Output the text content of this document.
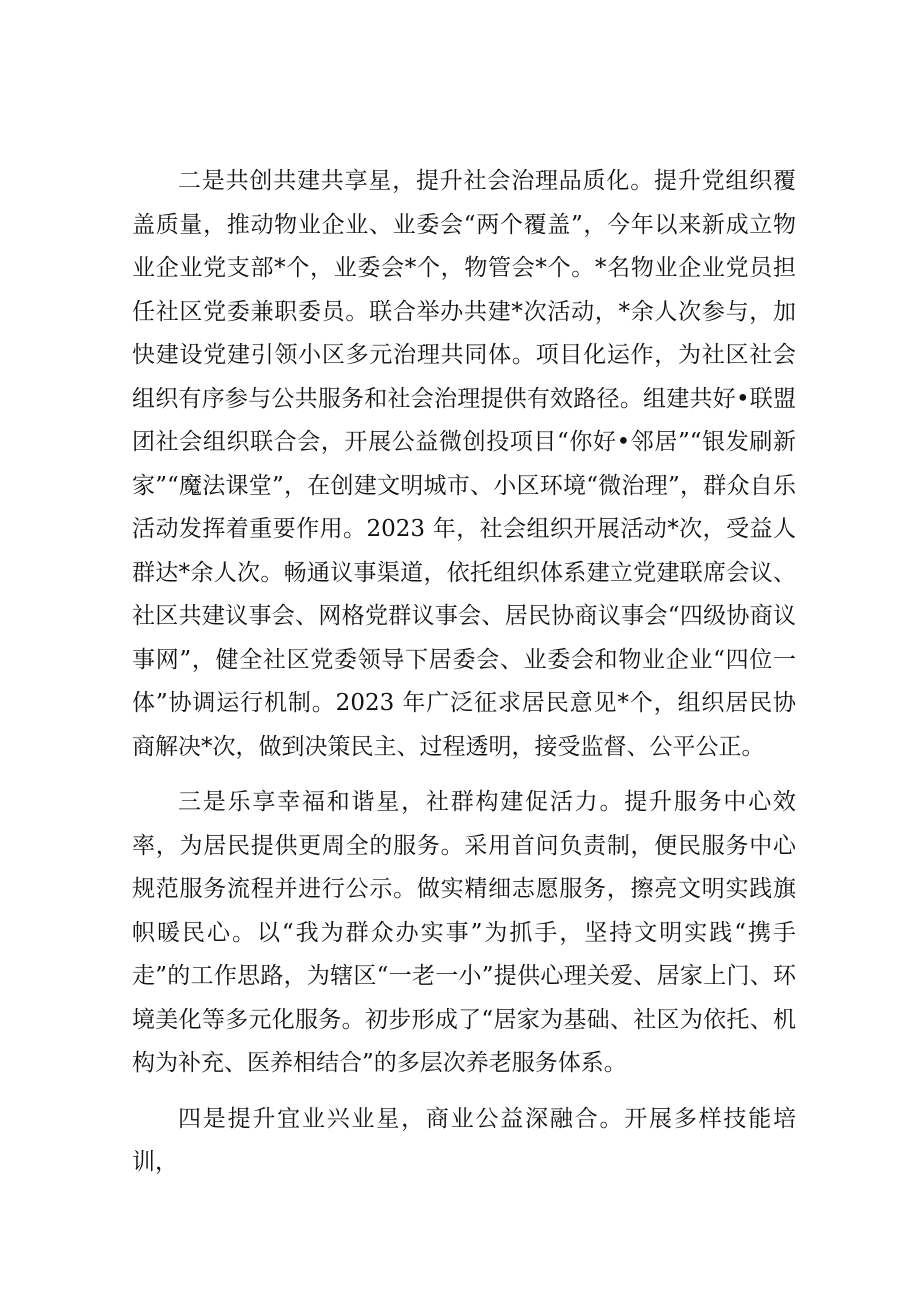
二是共创共建共享星，提升社会治理品质化。提升党组织覆盖质量，推动物业企业、业委会“两个覆盖”，今年以来新成立物业企业党支部*个，业委会*个，物管会*个。*名物业企业党员担任社区党委兼职委员。联合举办共建*次活动，*余人次参与，加快建设党建引领小区多元治理共同体。项目化运作，为社区社会组织有序参与公共服务和社会治理提供有效路径。组建共好•联盟团社会组织联合会，开展公益微创投项目“你好•邻居”“银发刷新家”“魔法课堂”，在创建文明城市、小区环境“微治理”，群众自乐活动发挥着重要作用。2023 年，社会组织开展活动*次，受益人群达*余人次。畅通议事渠道，依托组织体系建立党建联席会议、社区共建议事会、网格党群议事会、居民协商议事会“四级协商议事网”，健全社区党委领导下居委会、业委会和物业企业“四位一体”协调运行机制。2023 年广泛征求居民意见*个，组织居民协商解决*次，做到决策民主、过程透明，接受监督、公平公正。

三是乐享幸福和谐星，社群构建促活力。提升服务中心效率，为居民提供更周全的服务。采用首问负责制，便民服务中心规范服务流程并进行公示。做实精细志愿服务，擦亮文明实践旗帜暖民心。以“我为群众办实事”为抓手，坚持文明实践“携手走”的工作思路，为辖区“一老一小”提供心理关爱、居家上门、环境美化等多元化服务。初步形成了“居家为基础、社区为依托、机构为补充、医养相结合”的多层次养老服务体系。

四是提升宜业兴业星，商业公益深融合。开展多样技能培训，
